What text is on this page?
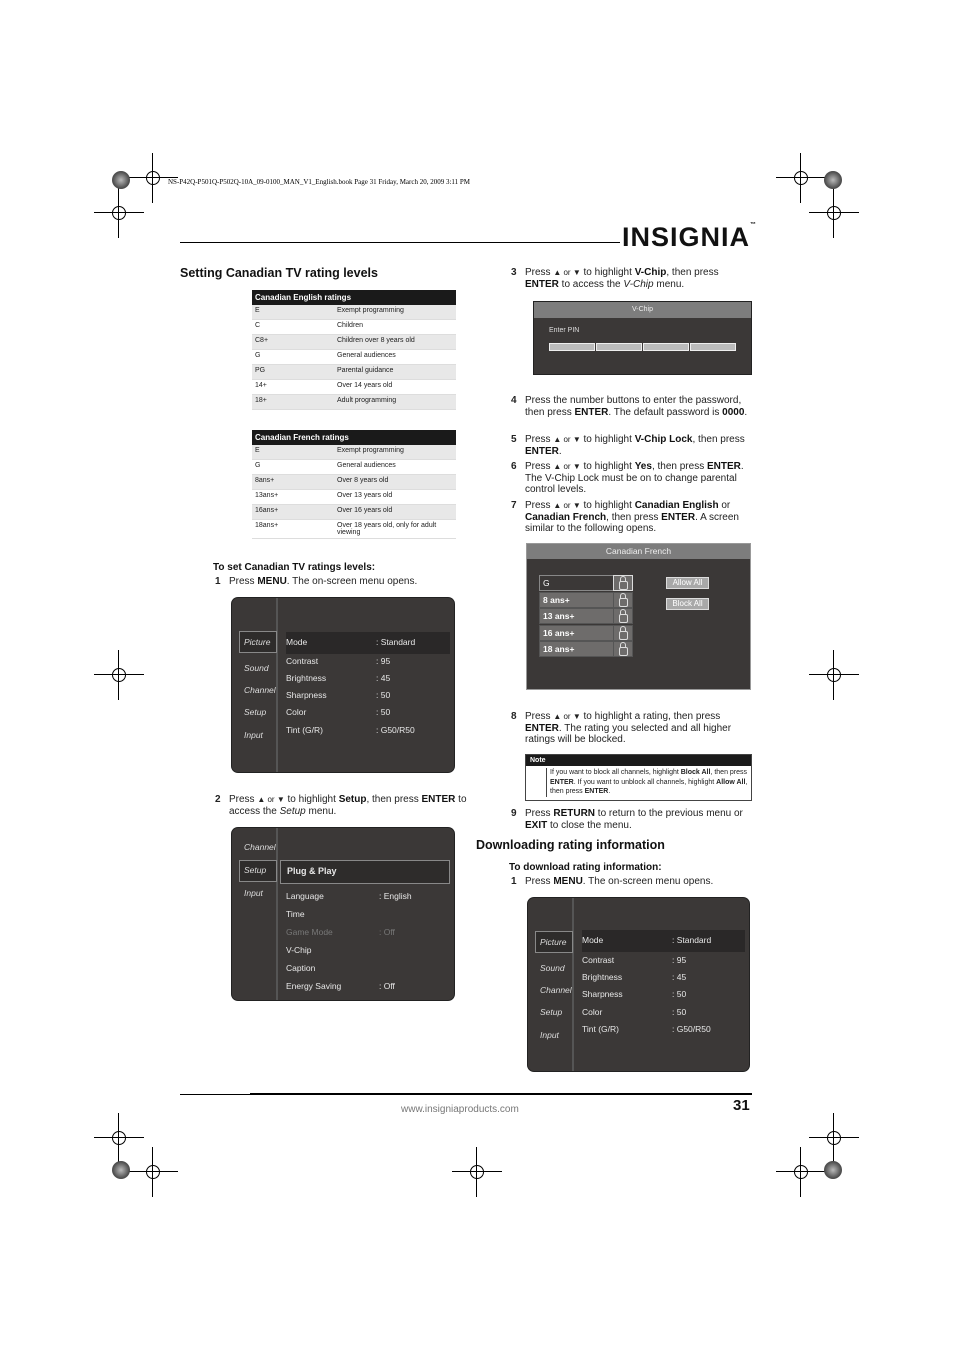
NS-P42Q-P501Q-P502Q-10A_09-0100_MAN_V1_English.book Page 31 Friday, March 20, 2009 3:11 PM
INSIGNIA™
Setting Canadian TV rating levels
Canadian English ratings	
E	Exempt programming
C	Children
C8+	Children over 8 years old
G	General audiences
PG	Parental guidance
14+	Over 14 years old
18+	Adult programming
Canadian French ratings	
E	Exempt programming
G	General audiences
8ans+	Over 8 years old
13ans+	Over 13 years old
16ans+	Over 16 years old
18ans+	Over 18 years old, only for adult viewing
To set Canadian TV ratings levels:
1 Press MENU. The on-screen menu opens.
Picture
Sound
Channel
Setup
Input
Mode	: Standard
Contrast	: 95
Brightness	: 45
Sharpness	: 50
Color	: 50
Tint (G/R)	: G50/R50
2 Press ▲ or ▼ to highlight Setup, then press ENTER to access the Setup menu.
Channel
Setup
Input
Plug & Play
Language	: English
Time
Game Mode	: Off
V-Chip
Caption
Energy Saving	: Off
3 Press ▲ or ▼ to highlight V-Chip, then press
ENTER to access the V-Chip menu.
V-Chip
Enter PIN
4 Press the number buttons to enter the password, then press ENTER. The default password is 0000.
5 Press ▲ or ▼ to highlight V-Chip Lock, then press ENTER.
6 Press ▲ or ▼ to highlight Yes, then press ENTER. The V-Chip Lock must be on to change parental control levels.
7 Press ▲ or ▼ to highlight Canadian English or Canadian French, then press ENTER. A screen similar to the following opens.
Canadian French
G
8 ans+
13 ans+
16 ans+
18 ans+
Allow All
Block All
8 Press ▲ or ▼ to highlight a rating, then press ENTER. The rating you selected and all higher ratings will be blocked.
Note
If you want to block all channels, highlight Block All, then press ENTER. If you want to unblock all channels, highlight Allow All, then press ENTER.
9 Press RETURN to return to the previous menu or EXIT to close the menu.
Downloading rating information
To download rating information:
1 Press MENU. The on-screen menu opens.
Picture
Sound
Channel
Setup
Input
Mode	: Standard
Contrast	: 95
Brightness	: 45
Sharpness	: 50
Color	: 50
Tint (G/R)	: G50/R50
www.insigniaproducts.com	31
